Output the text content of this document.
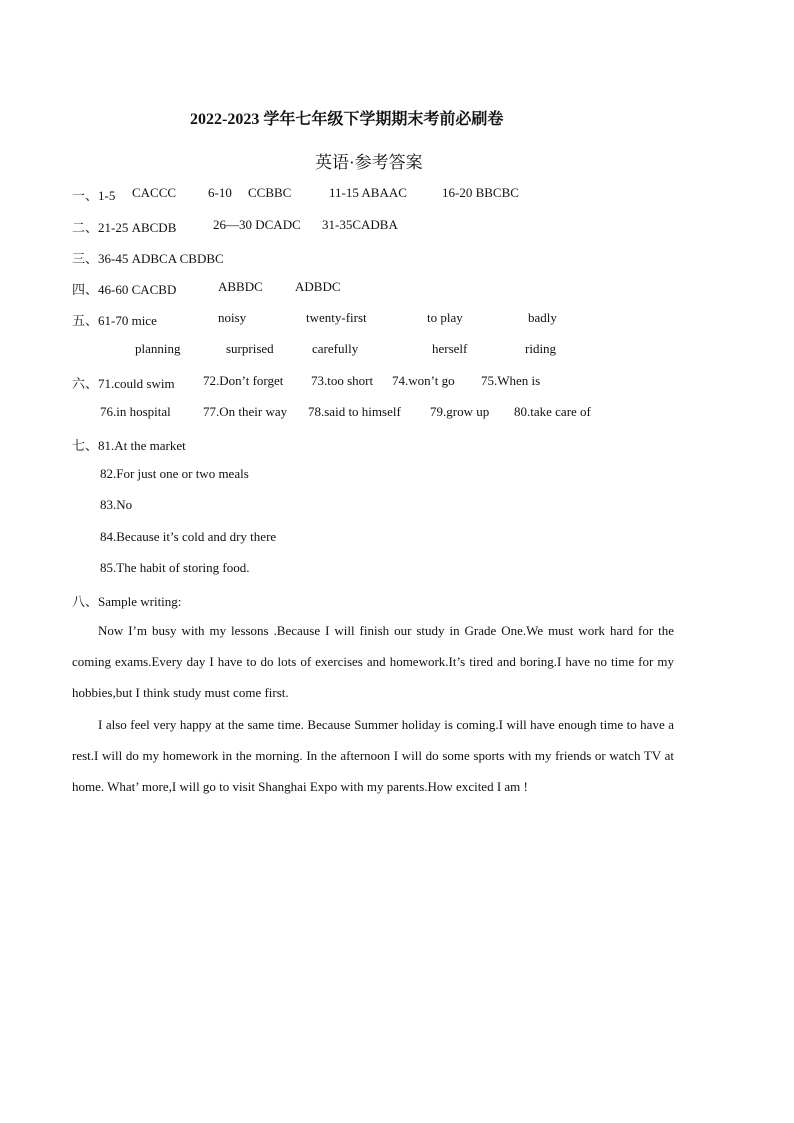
2022-2023 学年七年级下学期期末考前必刷卷
英语·参考答案
一、1-5 CACCC 6-10 CCBBC	11-15 ABAAC	16-20 BBCBC
二、21-25 ABCDB	26—30 DCADC 31-35CADBA
三、36-45 ADBCA CBDBC
四、46-60 CACBD	ABBDC ADBDC
五、61-70 mice	noisy	twenty-first	to play	badly
planning	surprised	carefully	herself	riding
六、71.could swim 72.Don’t forget 73.too short 74.won’t go 75.When is
76.in hospital 77.On their way 78.said to himself 79.grow up 80.take care of
七、81.At the market
82.For just one or two meals
83.No
84.Because it’s cold and dry there
85.The habit of storing food.
八、Sample writing:
Now I’m busy with my lessons .Because I will finish our study in Grade One.We must work hard for the coming exams.Every day I have to do lots of exercises and homework.It’s tired and boring.I have no time for my hobbies,but I think study must come first.
I also feel very happy at the same time. Because Summer holiday is coming.I will have enough time to have a rest.I will do my homework in the morning. In the afternoon I will do some sports with my friends or watch TV at home. What’ more,I will go to visit Shanghai Expo with my parents.How excited I am !
